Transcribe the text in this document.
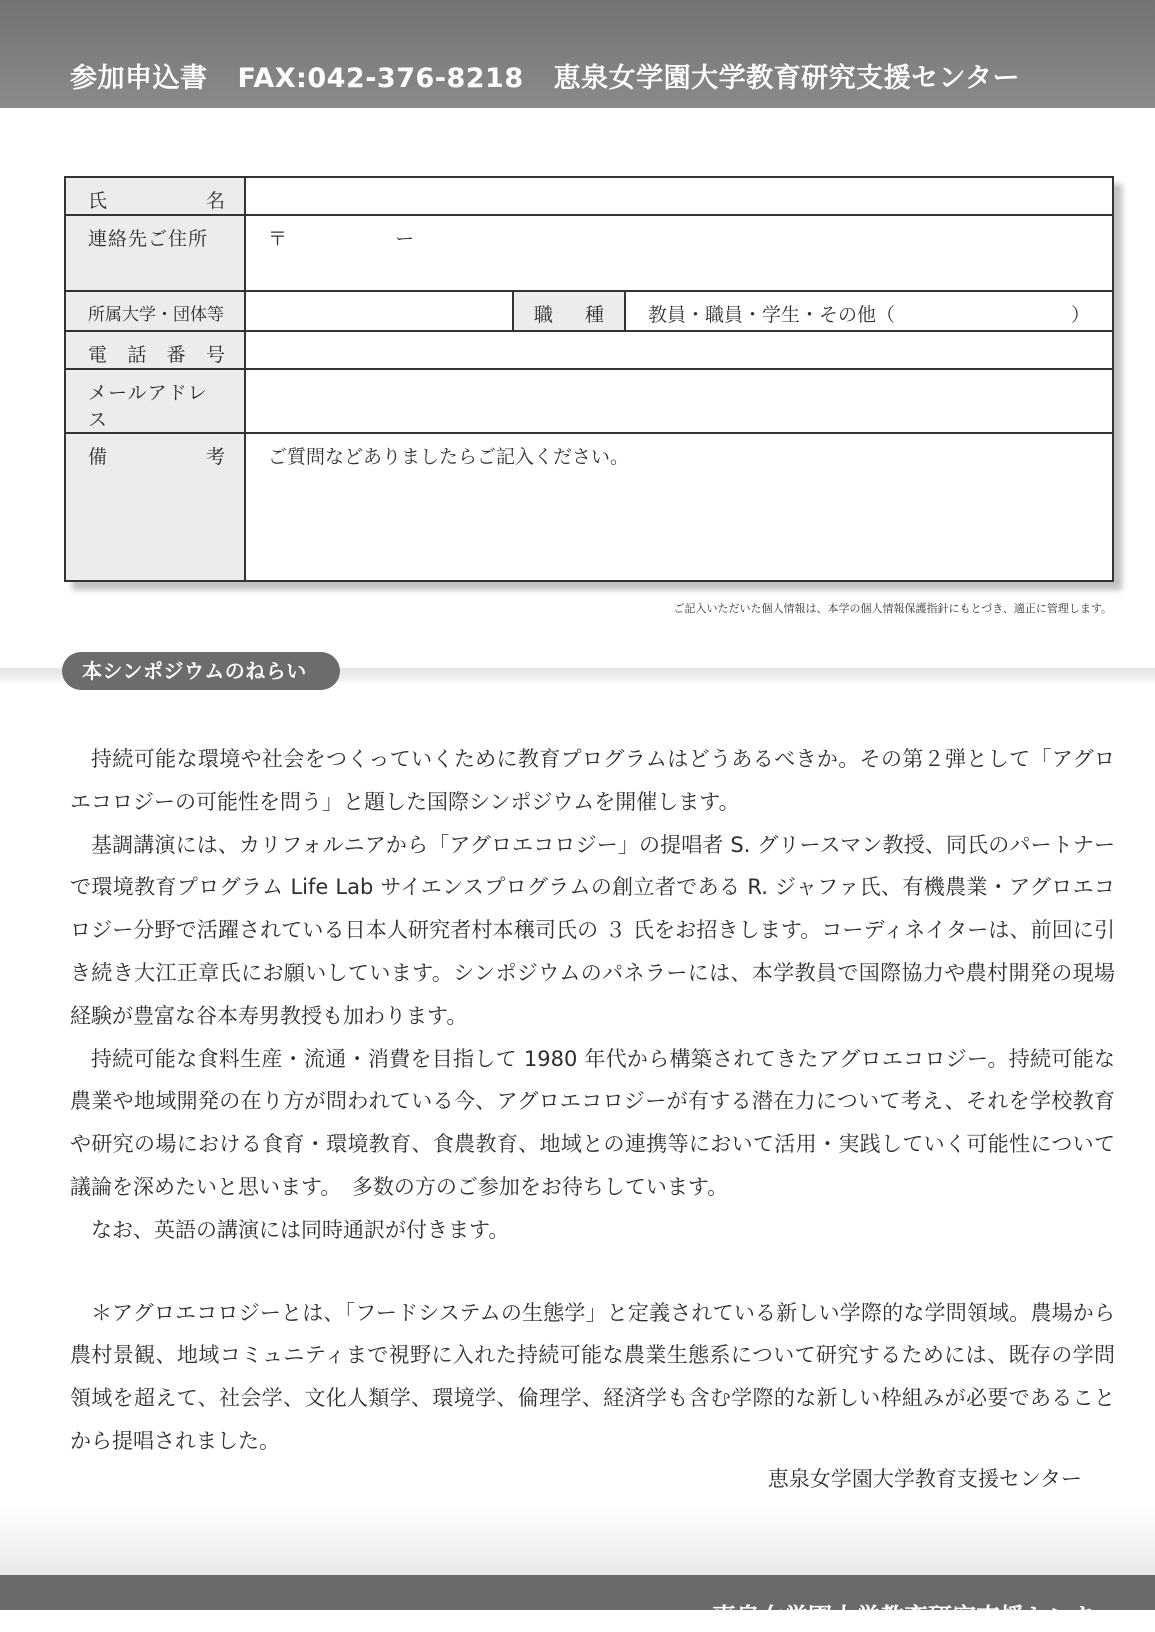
参加申込書 FAX:042-376-8218 恵泉女学園大学教育研究支援センター
氏 名			

連絡先ご住所	〒 ー		
所属大学・団体等		職 種	教員・職員・学生・その他（ ）

電 話 番 号			

メールアドレス			

備 考	ご質問などありましたらご記入ください。		
ご記入いただいた個人情報は、本学の個人情報保護指針にもとづき、適正に管理します。
本シンポジウムのねらい

持続可能な環境や社会をつくっていくために教育プログラムはどうあるべきか。その第２弾として「アグロエコロジーの可能性を問う」と題した国際シンポジウムを開催します。

基調講演には、カリフォルニアから「アグロエコロジー」の提唱者 S. グリースマン教授、同氏のパートナーで環境教育プログラム Life Lab サイエンスプログラムの創立者である R. ジャファ氏、有機農業・アグロエコロジー分野で活躍されている日本人研究者村本穣司氏の ３ 氏をお招きします。コーディネイターは、前回に引き続き大江正章氏にお願いしています。シンポジウムのパネラーには、本学教員で国際協力や農村開発の現場経験が豊富な谷本寿男教授も加わります。

持続可能な食料生産・流通・消費を目指して 1980 年代から構築されてきたアグロエコロジー。持続可能な農業や地域開発の在り方が問われている今、アグロエコロジーが有する潜在力について考え、それを学校教育や研究の場における食育・環境教育、食農教育、地域との連携等において活用・実践していく可能性について議論を深めたいと思います。　多数の方のご参加をお待ちしています。

なお、英語の講演には同時通訳が付きます。

＊アグロエコロジーとは、「フードシステムの生態学」と定義されている新しい学際的な学問領域。農場から農村景観、地域コミュニティまで視野に入れた持続可能な農業生態系について研究するためには、既存の学問領域を超えて、社会学、文化人類学、環境学、倫理学、経済学も含む学際的な新しい枠組みが必要であることから提唱されました。

恵泉女学園大学教育支援センター
恵泉女学園大学教育研究支援センター
